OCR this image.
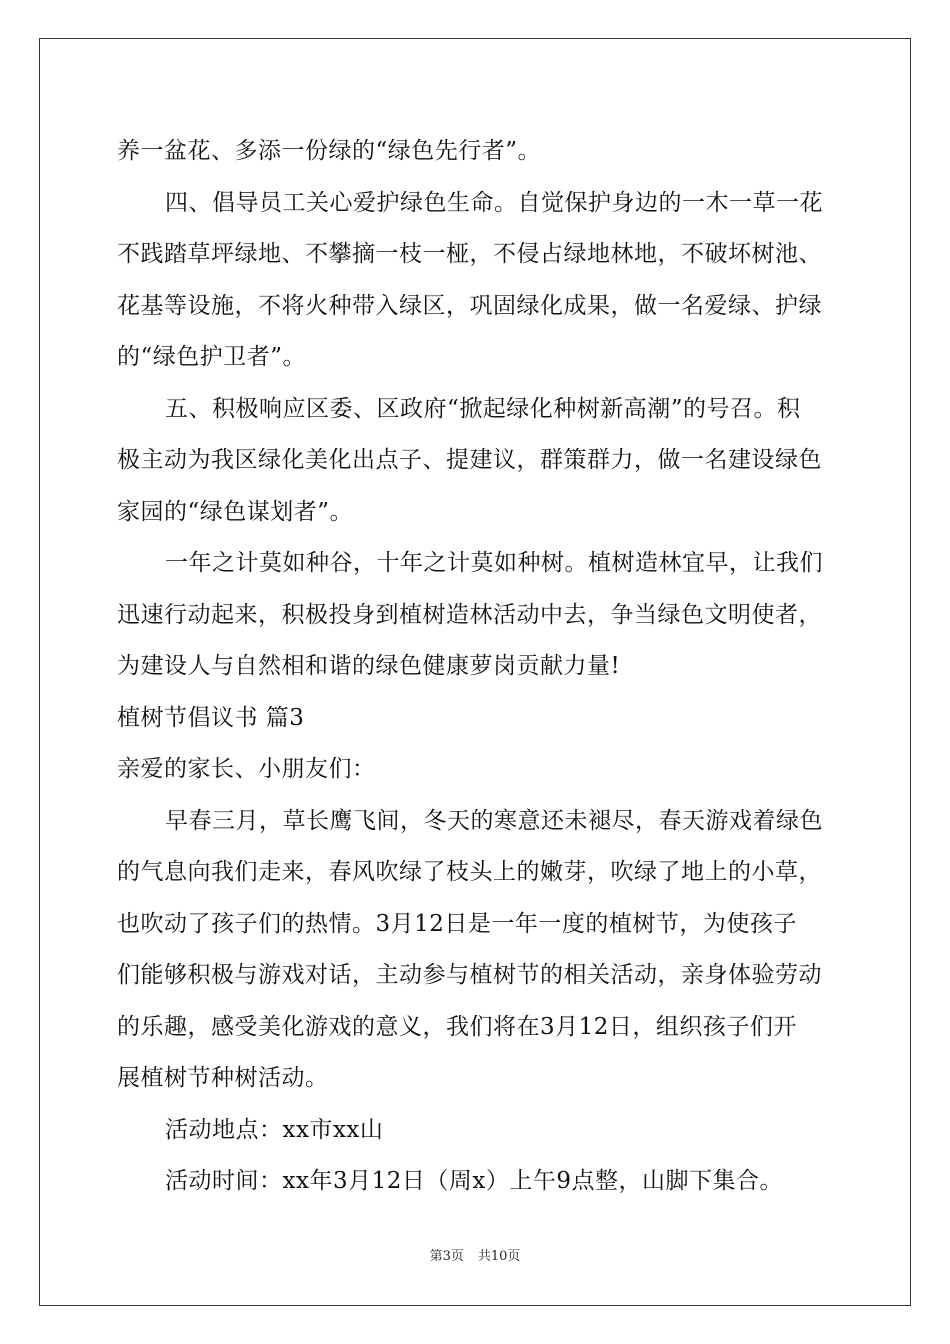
养一盆花、多添一份绿的“绿色先行者”。
四、倡导员工关心爱护绿色生命。自觉保护身边的一木一草一花
不践踏草坪绿地、不攀摘一枝一桠，不侵占绿地林地，不破坏树池、
花基等设施，不将火种带入绿区，巩固绿化成果，做一名爱绿、护绿
的“绿色护卫者”。
五、积极响应区委、区政府“掀起绿化种树新高潮”的号召。积
极主动为我区绿化美化出点子、提建议，群策群力，做一名建设绿色
家园的“绿色谋划者”。
一年之计莫如种谷，十年之计莫如种树。植树造林宜早，让我们
迅速行动起来，积极投身到植树造林活动中去，争当绿色文明使者，
为建设人与自然相和谐的绿色健康萝岗贡献力量!
植树节倡议书 篇3
亲爱的家长、小朋友们：
早春三月，草长鹰飞间，冬天的寒意还未褪尽，春天游戏着绿色
的气息向我们走来，春风吹绿了枝头上的嫩芽，吹绿了地上的小草，
也吹动了孩子们的热情。3月12日是一年一度的植树节，为使孩子
们能够积极与游戏对话，主动参与植树节的相关活动，亲身体验劳动
的乐趣，感受美化游戏的意义，我们将在3月12日，组织孩子们开
展植树节种树活动。
活动地点：xx市xx山
活动时间：xx年3月12日（周x）上午9点整，山脚下集合。
第3页 共10页
